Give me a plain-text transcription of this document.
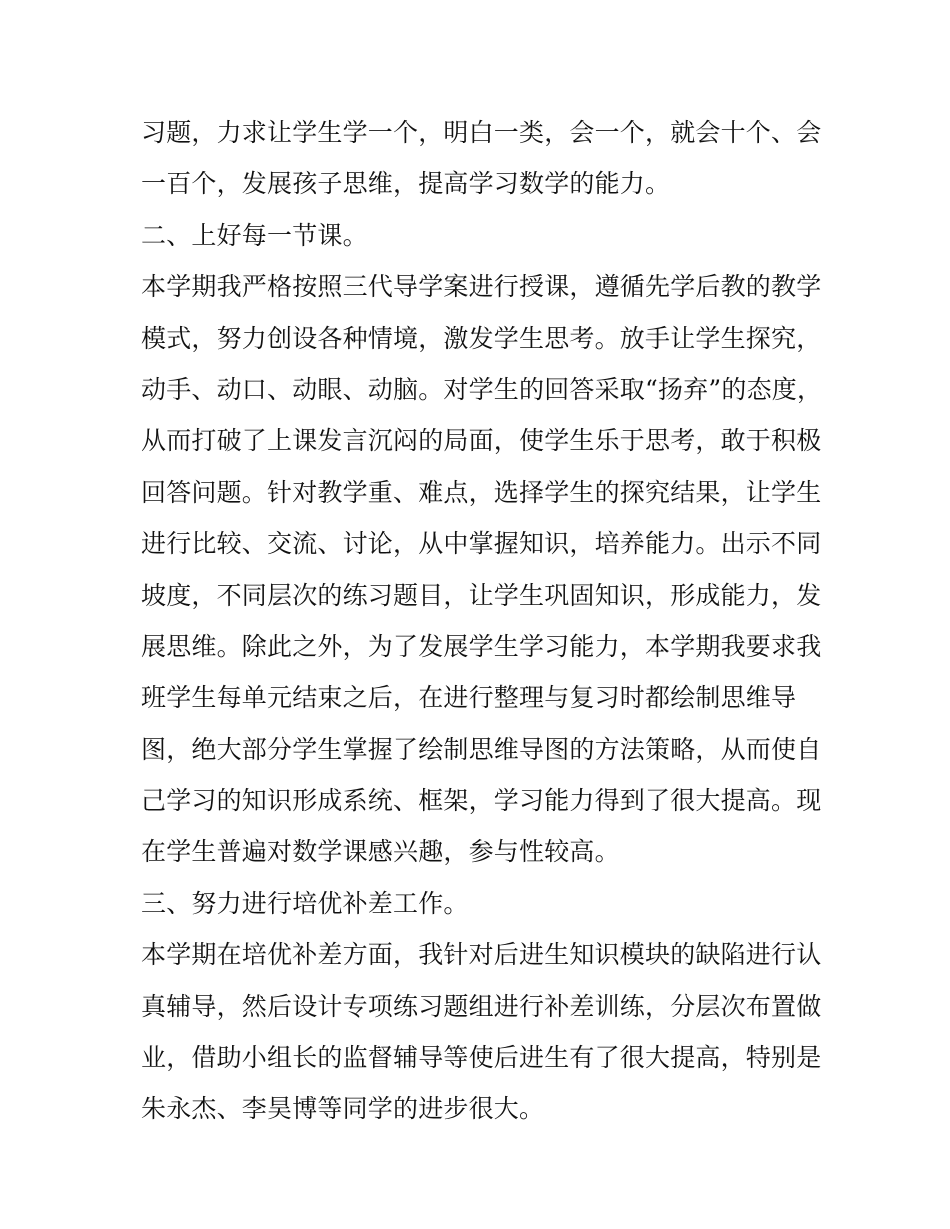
习题，力求让学生学一个，明白一类，会一个，就会十个、会
一百个，发展孩子思维，提高学习数学的能力。
二、上好每一节课。
本学期我严格按照三代导学案进行授课，遵循先学后教的教学
模式，努力创设各种情境，激发学生思考。放手让学生探究，
动手、动口、动眼、动脑。对学生的回答采取“扬弃”的态度，
从而打破了上课发言沉闷的局面，使学生乐于思考，敢于积极
回答问题。针对教学重、难点，选择学生的探究结果，让学生
进行比较、交流、讨论，从中掌握知识，培养能力。出示不同
坡度，不同层次的练习题目，让学生巩固知识，形成能力，发
展思维。除此之外，为了发展学生学习能力，本学期我要求我
班学生每单元结束之后，在进行整理与复习时都绘制思维导
图，绝大部分学生掌握了绘制思维导图的方法策略，从而使自
己学习的知识形成系统、框架，学习能力得到了很大提高。现
在学生普遍对数学课感兴趣，参与性较高。
三、努力进行培优补差工作。
本学期在培优补差方面，我针对后进生知识模块的缺陷进行认
真辅导，然后设计专项练习题组进行补差训练，分层次布置做
业，借助小组长的监督辅导等使后进生有了很大提高，特别是
朱永杰、李昊博等同学的进步很大。
